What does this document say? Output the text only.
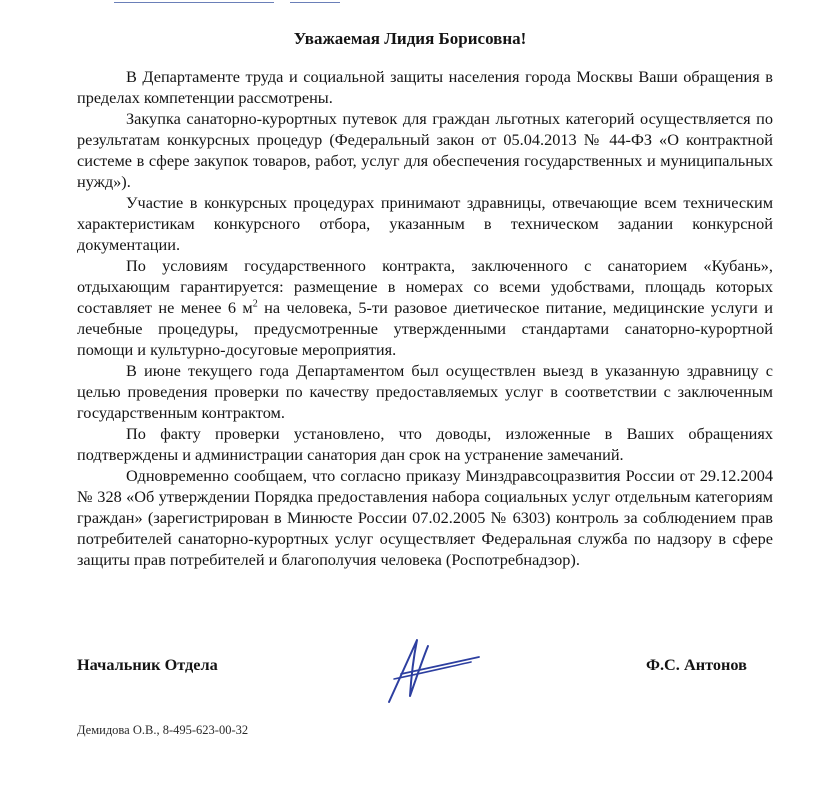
Уважаемая Лидия Борисовна!

В Департаменте труда и социальной защиты населения города Москвы Ваши обращения в пределах компетенции рассмотрены.

Закупка санаторно-курортных путевок для граждан льготных категорий осуществляется по результатам конкурсных процедур (Федеральный закон от 05.04.2013 № 44-ФЗ «О контрактной системе в сфере закупок товаров, работ, услуг для обеспечения государственных и муниципальных нужд»).

Участие в конкурсных процедурах принимают здравницы, отвечающие всем техническим характеристикам конкурсного отбора, указанным в техническом задании конкурсной документации.

По условиям государственного контракта, заключенного с санаторием «Кубань», отдыхающим гарантируется: размещение в номерах со всеми удобствами, площадь которых составляет не менее 6 $м^2$ на человека, 5-ти разовое диетическое питание, медицинские услуги и лечебные процедуры, предусмотренные утвержденными стандартами санаторно-курортной помощи и культурно-досуговые мероприятия.

В июне текущего года Департаментом был осуществлен выезд в указанную здравницу с целью проведения проверки по качеству предоставляемых услуг в соответствии с заключенным государственным контрактом.

По факту проверки установлено, что доводы, изложенные в Ваших обращениях подтверждены и администрации санатория дан срок на устранение замечаний.

Одновременно сообщаем, что согласно приказу Минздравсоцразвития России от 29.12.2004 № 328 «Об утверждении Порядка предоставления набора социальных услуг отдельным категориям граждан» (зарегистрирован в Минюсте России 07.02.2005 № 6303) контроль за соблюдением прав потребителей санаторно-курортных услуг осуществляет Федеральная служба по надзору в сфере защиты прав потребителей и благополучия человека (Роспотребнадзор).

Начальник Отдела	Ф.С. Антонов
Демидова О.В., 8-495-623-00-32
